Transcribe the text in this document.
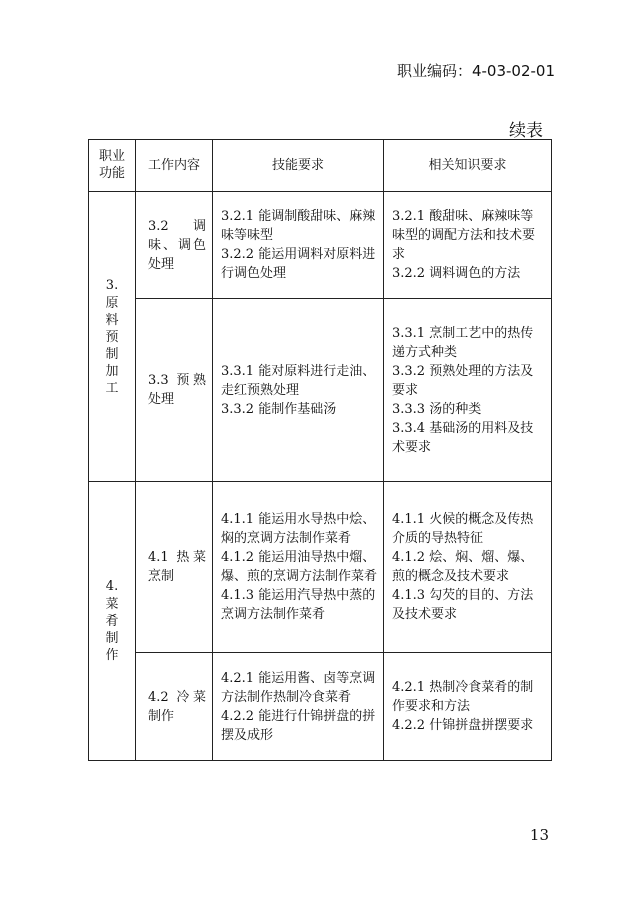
职业编码：4-03-02-01
续表
职业功能	工作内容	技能要求	相关知识要求
3.
原料预制加工	3.2 调味、调色处理	3.2.1 能调制酸甜味、麻辣味等味型
3.2.2 能运用调料对原料进行调色处理	3.2.1 酸甜味、麻辣味等味型的调配方法和技术要求
3.2.2 调料调色的方法

	3.3 预熟处理	3.3.1 能对原料进行走油、走红预熟处理
3.3.2 能制作基础汤	3.3.1 烹制工艺中的热传递方式种类
3.3.2 预熟处理的方法及要求
3.3.3 汤的种类
3.3.4 基础汤的用料及技术要求

4.
菜肴制作	4.1 热菜烹制	4.1.1 能运用水导热中烩、焖的烹调方法制作菜肴
4.1.2 能运用油导热中熘、爆、煎的烹调方法制作菜肴
4.1.3 能运用汽导热中蒸的烹调方法制作菜肴	4.1.1 火候的概念及传热介质的导热特征
4.1.2 烩、焖、熘、爆、煎的概念及技术要求
4.1.3 勾芡的目的、方法及技术要求

	4.2 冷菜制作	4.2.1 能运用酱、卤等烹调方法制作热制冷食菜肴
4.2.2 能进行什锦拼盘的拼摆及成形	4.2.1 热制冷食菜肴的制作要求和方法
4.2.2 什锦拼盘拼摆要求
13
